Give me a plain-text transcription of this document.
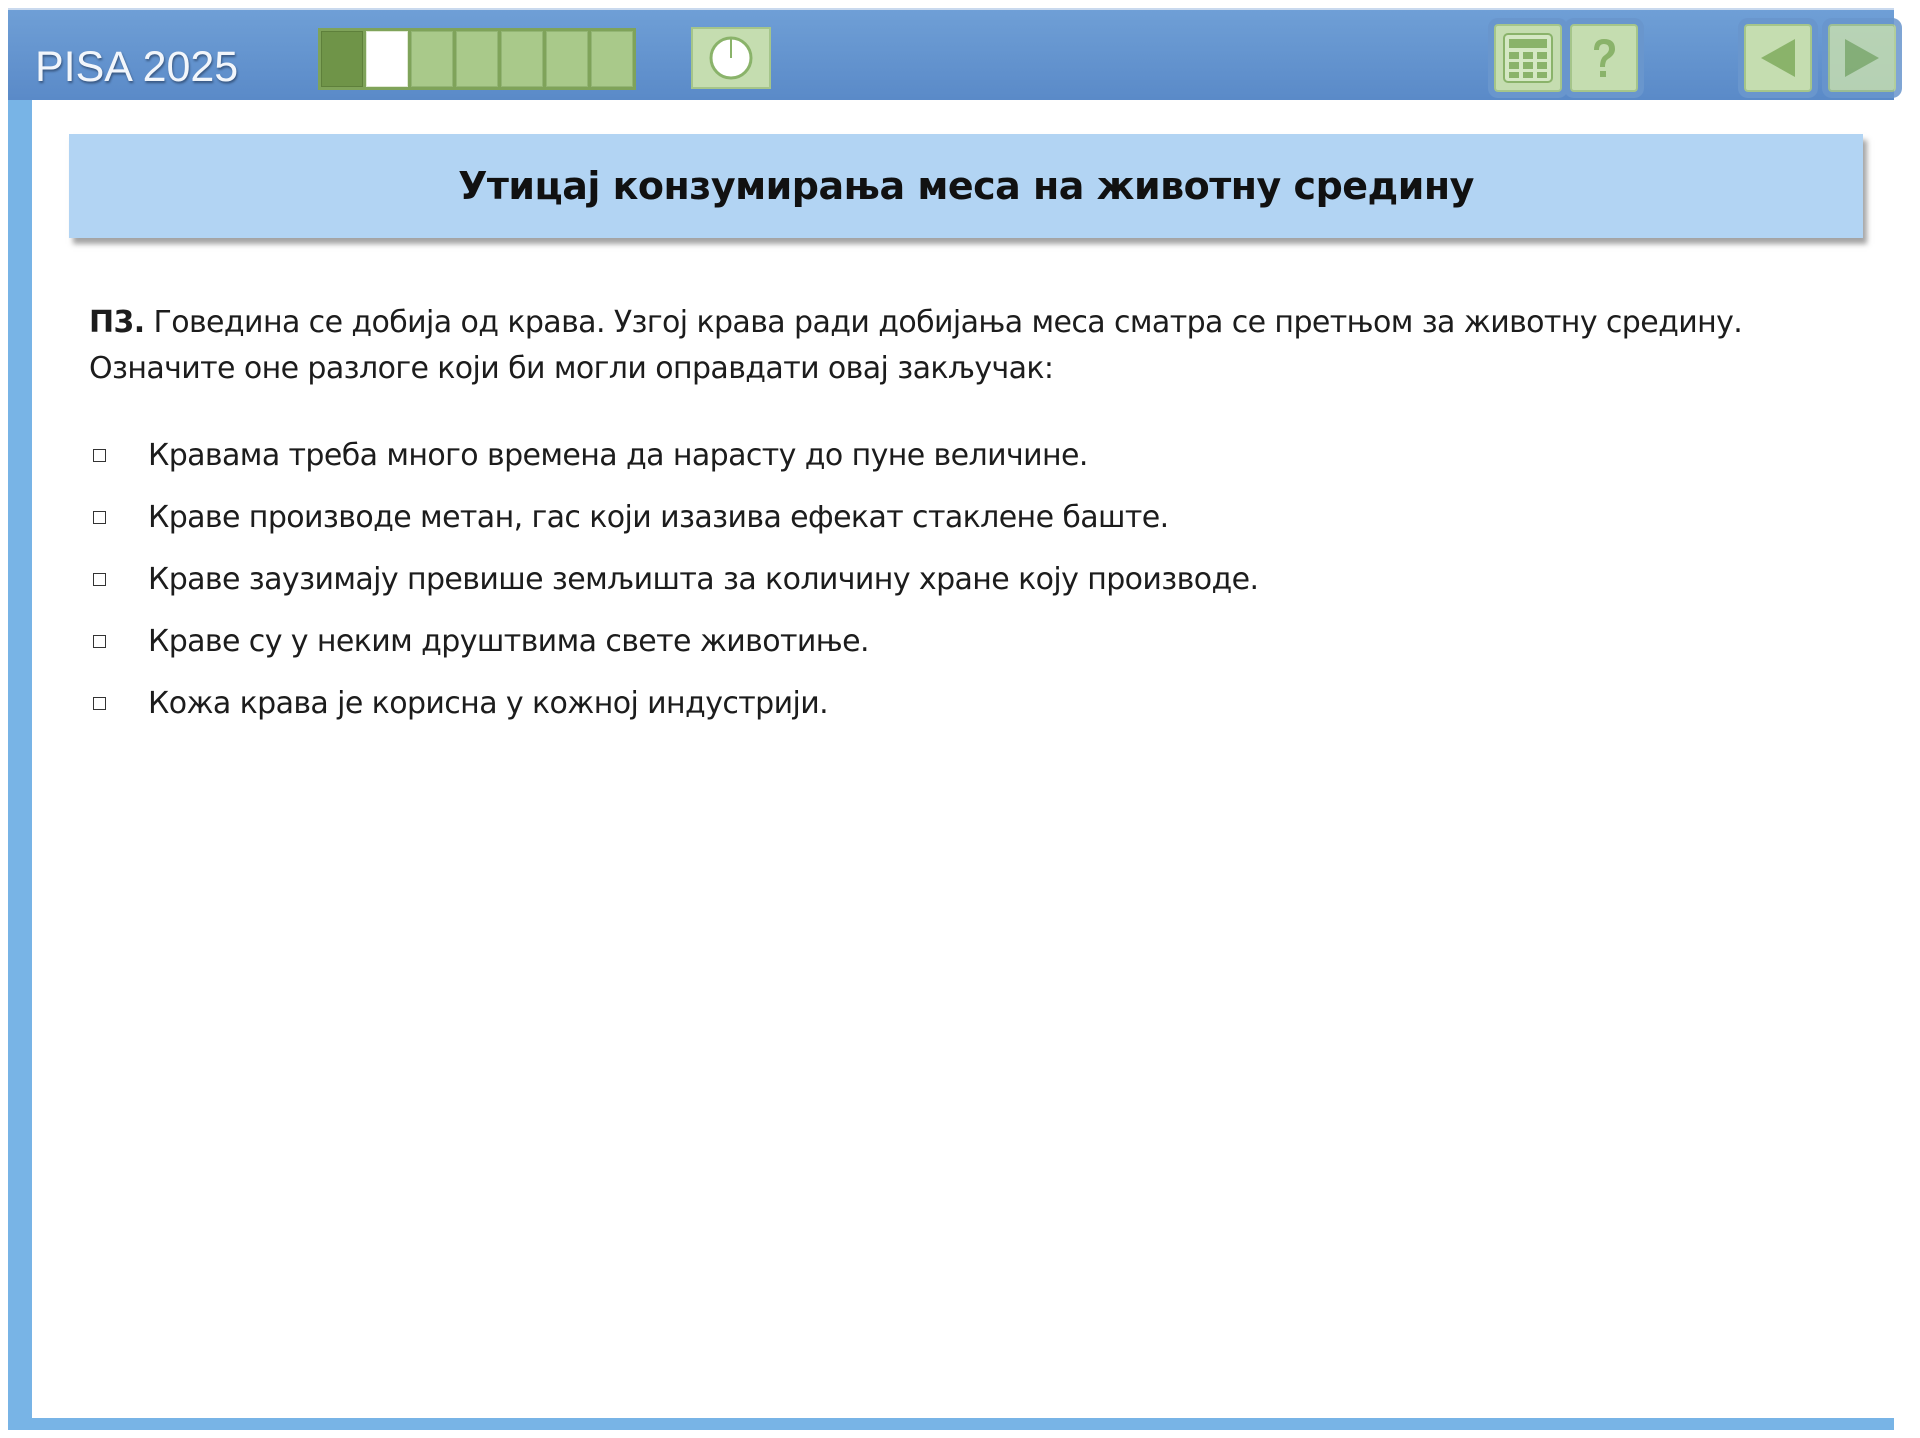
PISA 2025
Утицај конзумирања меса на животну средину
П3. Говедина се добија од крава. Узгој крава ради добијања меса сматра се претњом за животну средину.
Означите оне разлоге који би могли оправдати овај закључак:
Кравама треба много времена да нарасту до пуне величине.
Краве производе метан, гас који изазива ефекат стаклене баште.
Краве заузимају превише земљишта за количину хране коју производе.
Краве су у неким друштвима свете животиње.
Кожа крава је корисна у кожној индустрији.
